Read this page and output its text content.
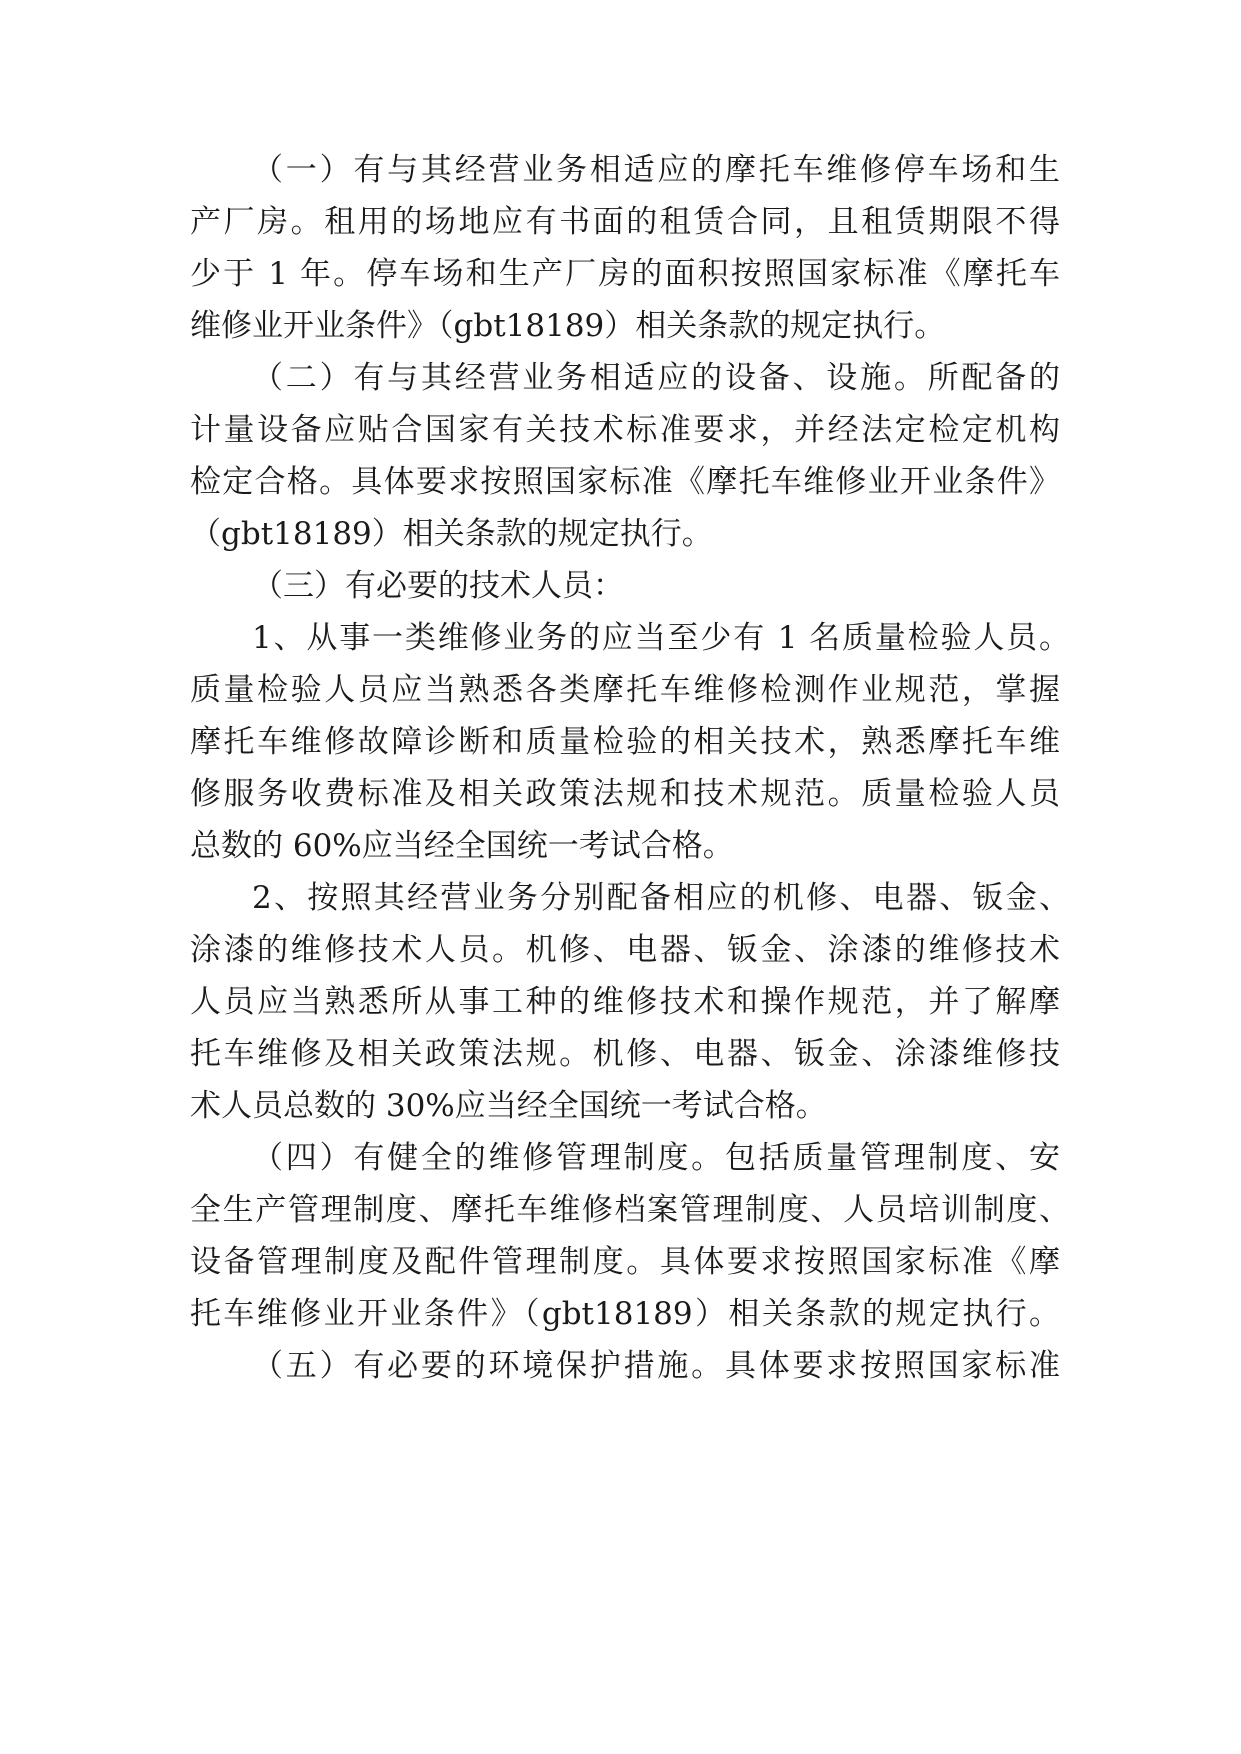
（一）有与其经营业务相适应的摩托车维修停车场和生

产厂房。租用的场地应有书面的租赁合同，且租赁期限不得

少于 1 年。停车场和生产厂房的面积按照国家标准《摩托车

维修业开业条件》（gbt18189）相关条款的规定执行。

（二）有与其经营业务相适应的设备、设施。所配备的

计量设备应贴合国家有关技术标准要求，并经法定检定机构

检定合格。具体要求按照国家标准《摩托车维修业开业条件》

（gbt18189）相关条款的规定执行。

（三）有必要的技术人员：

1、从事一类维修业务的应当至少有 1 名质量检验人员。

质量检验人员应当熟悉各类摩托车维修检测作业规范，掌握

摩托车维修故障诊断和质量检验的相关技术，熟悉摩托车维

修服务收费标准及相关政策法规和技术规范。质量检验人员

总数的 60%应当经全国统一考试合格。

2、按照其经营业务分别配备相应的机修、电器、钣金、

涂漆的维修技术人员。机修、电器、钣金、涂漆的维修技术

人员应当熟悉所从事工种的维修技术和操作规范，并了解摩

托车维修及相关政策法规。机修、电器、钣金、涂漆维修技

术人员总数的 30%应当经全国统一考试合格。

（四）有健全的维修管理制度。包括质量管理制度、安

全生产管理制度、摩托车维修档案管理制度、人员培训制度、

设备管理制度及配件管理制度。具体要求按照国家标准《摩

托车维修业开业条件》（gbt18189）相关条款的规定执行。

（五）有必要的环境保护措施。具体要求按照国家标准
